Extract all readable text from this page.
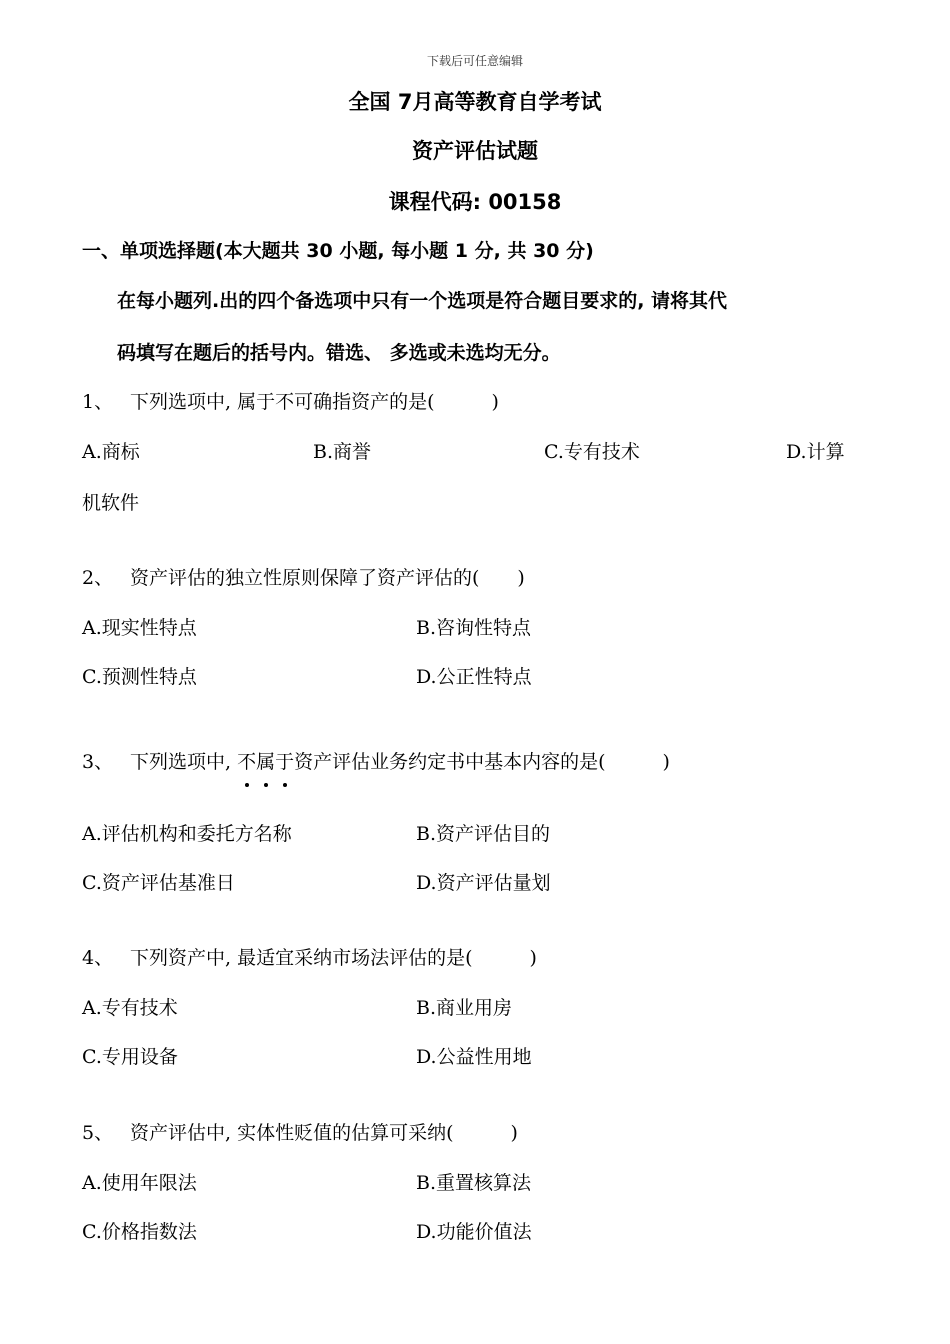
下载后可任意编辑
全国 7月高等教育自学考试
资产评估试题
课程代码: 00158
一、单项选择题(本大题共 30 小题, 每小题 1 分, 共 30 分)
在每小题列.出的四个备选项中只有一个选项是符合题目要求的, 请将其代
码填写在题后的括号内。错选、 多选或未选均无分。
1、 下列选项中, 属于不可确指资产的是(　　　)
A.商标	B.商誉	C.专有技术	D.计算
机软件
2、 资产评估的独立性原则保障了资产评估的(　　)
A.现实性特点	B.咨询性特点
C.预测性特点	D.公正性特点
3、 下列选项中, 不属于资产评估业务约定书中基本内容的是(　　　)
A.评估机构和委托方名称	B.资产评估目的
C.资产评估基准日	D.资产评估量划
4、 下列资产中, 最适宜采纳市场法评估的是(　　　)
A.专有技术	B.商业用房
C.专用设备	D.公益性用地
5、 资产评估中, 实体性贬值的估算可采纳(　　　)
A.使用年限法	B.重置核算法
C.价格指数法	D.功能价值法
